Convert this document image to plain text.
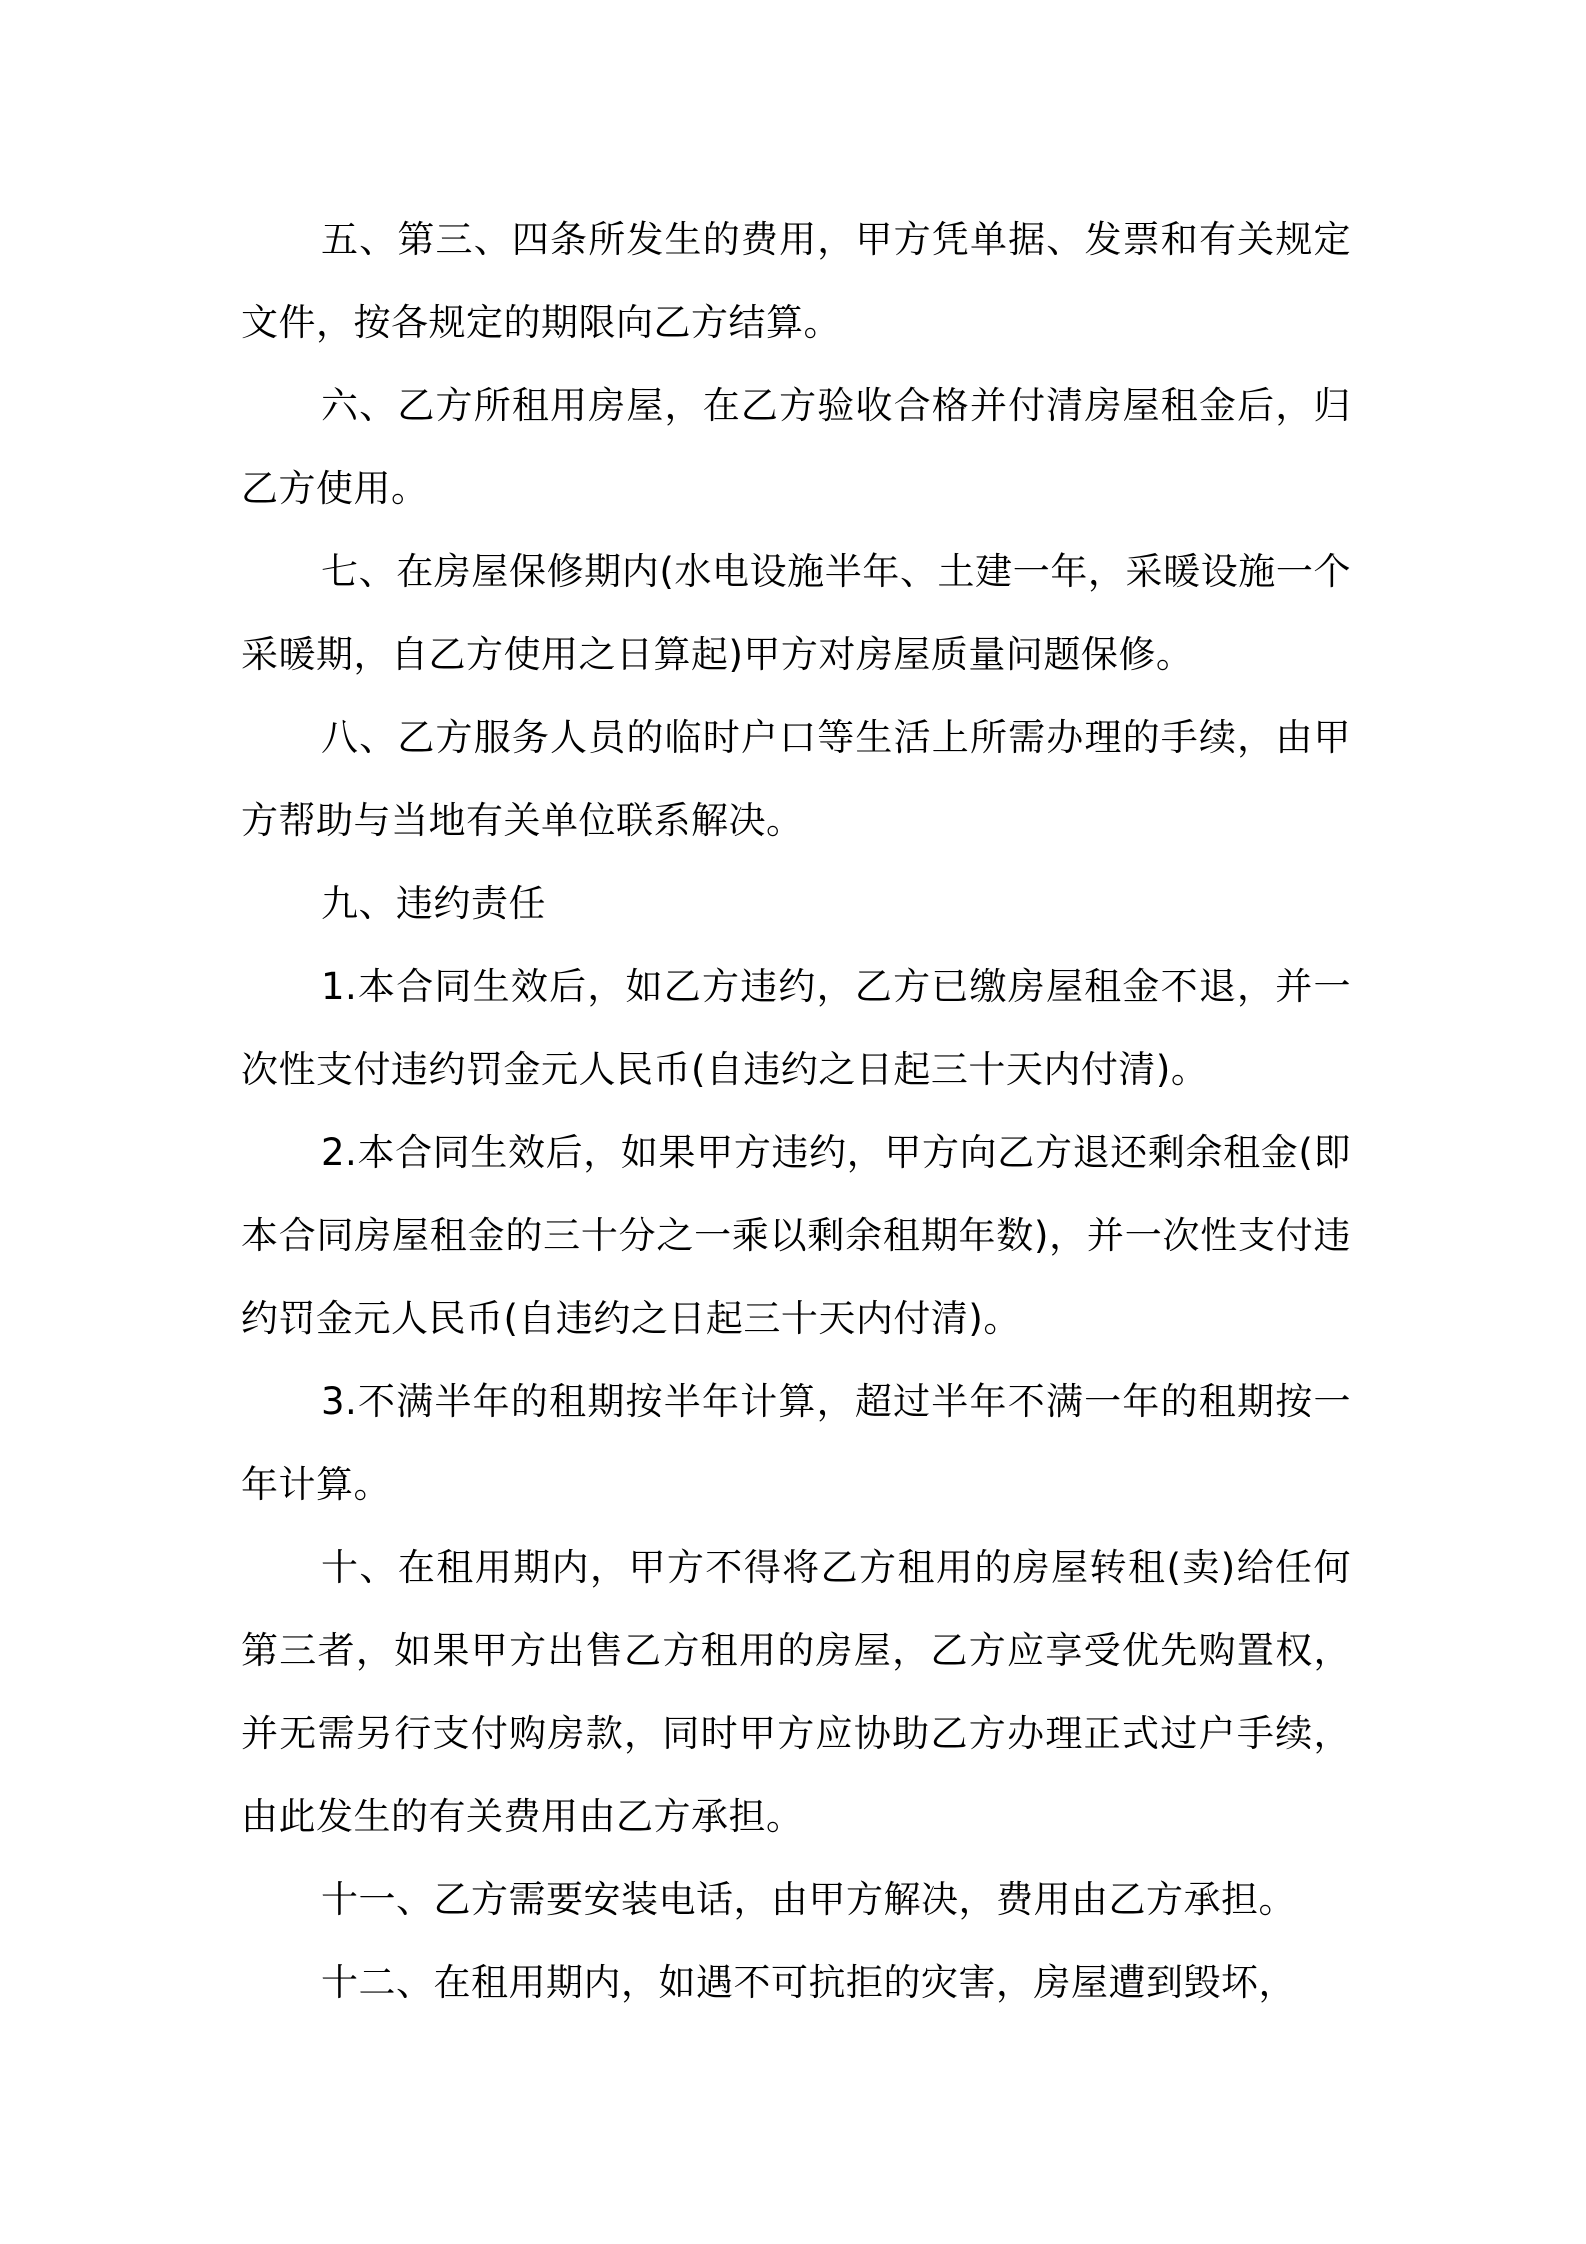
五、第三、四条所发生的费用，甲方凭单据、发票和有关规定文件，按各规定的期限向乙方结算。

六、乙方所租用房屋，在乙方验收合格并付清房屋租金后，归乙方使用。

七、在房屋保修期内(水电设施半年、土建一年，采暖设施一个采暖期，自乙方使用之日算起)甲方对房屋质量问题保修。

八、乙方服务人员的临时户口等生活上所需办理的手续，由甲方帮助与当地有关单位联系解决。

九、违约责任

1.本合同生效后，如乙方违约，乙方已缴房屋租金不退，并一次性支付违约罚金元人民币(自违约之日起三十天内付清)。

2.本合同生效后，如果甲方违约，甲方向乙方退还剩余租金(即本合同房屋租金的三十分之一乘以剩余租期年数)，并一次性支付违约罚金元人民币(自违约之日起三十天内付清)。

3.不满半年的租期按半年计算，超过半年不满一年的租期按一年计算。

十、在租用期内，甲方不得将乙方租用的房屋转租(卖)给任何第三者，如果甲方出售乙方租用的房屋，乙方应享受优先购置权，并无需另行支付购房款，同时甲方应协助乙方办理正式过户手续，由此发生的有关费用由乙方承担。

十一、乙方需要安装电话，由甲方解决，费用由乙方承担。

十二、在租用期内，如遇不可抗拒的灾害，房屋遭到毁坏，
